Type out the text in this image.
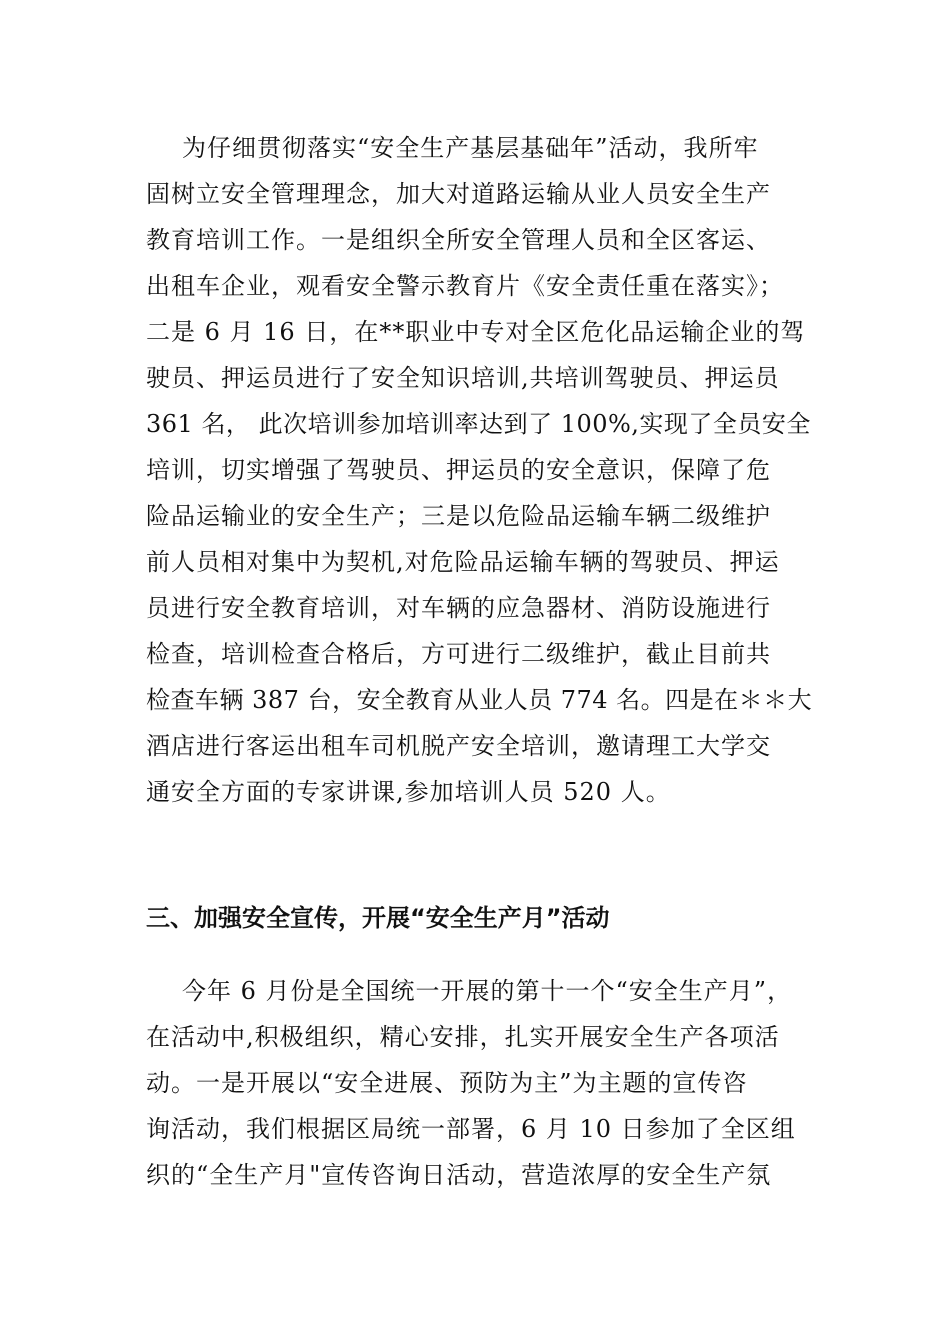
为仔细贯彻落实“安全生产基层基础年”活动，我所牢
固树立安全管理理念，加大对道路运输从业人员安全生产
教育培训工作。一是组织全所安全管理人员和全区客运、
出租车企业，观看安全警示教育片《安全责任重在落实》；
二是 6 月 16 日，在**职业中专对全区危化品运输企业的驾
驶员、押运员进行了安全知识培训,共培训驾驶员、押运员
361 名， 此次培训参加培训率达到了 100%,实现了全员安全
培训，切实增强了驾驶员、押运员的安全意识，保障了危
险品运输业的安全生产；三是以危险品运输车辆二级维护
前人员相对集中为契机,对危险品运输车辆的驾驶员、押运
员进行安全教育培训，对车辆的应急器材、消防设施进行
检查，培训检查合格后，方可进行二级维护，截止目前共
检查车辆 387 台，安全教育从业人员 774 名。四是在＊＊大
酒店进行客运出租车司机脱产安全培训，邀请理工大学交
通安全方面的专家讲课,参加培训人员 520 人。
三、加强安全宣传，开展“安全生产月”活动
今年 6 月份是全国统一开展的第十一个“安全生产月”，
在活动中,积极组织，精心安排，扎实开展安全生产各项活
动。一是开展以“安全进展、预防为主”为主题的宣传咨
询活动，我们根据区局统一部署，6 月 10 日参加了全区组
织的“全生产月"宣传咨询日活动，营造浓厚的安全生产氛
